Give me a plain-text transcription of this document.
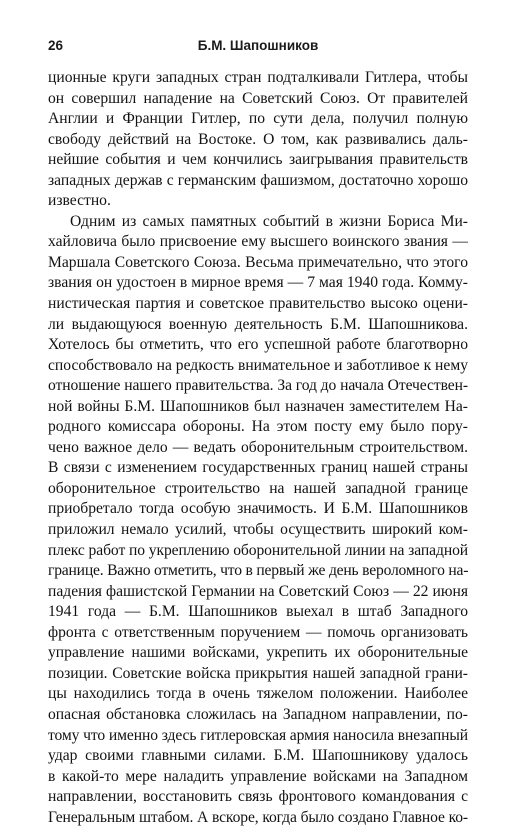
26	Б.М. Шапошников
ционные круги западных стран подталкивали Гитлера, чтобы
он совершил нападение на Советский Союз. От правителей
Англии и Франции Гитлер, по сути дела, получил полную
свободу действий на Востоке. О том, как развивались даль-
нейшие события и чем кончились заигрывания правительств
западных держав с германским фашизмом, достаточно хорошо
известно.
Одним из самых памятных событий в жизни Бориса Ми-
хайловича было присвоение ему высшего воинского звания —
Маршала Советского Союза. Весьма примечательно, что этого
звания он удостоен в мирное время — 7 мая 1940 года. Комму-
нистическая партия и советское правительство высоко оцени-
ли выдающуюся военную деятельность Б.М. Шапошникова.
Хотелось бы отметить, что его успешной работе благотворно
способствовало на редкость внимательное и заботливое к нему
отношение нашего правительства. За год до начала Отечествен-
ной войны Б.М. Шапошников был назначен заместителем На-
родного комиссара обороны. На этом посту ему было пору-
чено важное дело — ведать оборонительным строительством.
В связи с изменением государственных границ нашей страны
оборонительное строительство на нашей западной границе
приобретало тогда особую значимость. И Б.М. Шапошников
приложил немало усилий, чтобы осуществить широкий ком-
плекс работ по укреплению оборонительной линии на западной
границе. Важно отметить, что в первый же день вероломного на-
падения фашистской Германии на Советский Союз — 22 июня
1941 года — Б.М. Шапошников выехал в штаб Западного
фронта с ответственным поручением — помочь организовать
управление нашими войсками, укрепить их оборонительные
позиции. Советские войска прикрытия нашей западной грани-
цы находились тогда в очень тяжелом положении. Наиболее
опасная обстановка сложилась на Западном направлении, по-
тому что именно здесь гитлеровская армия наносила внезапный
удар своими главными силами. Б.М. Шапошникову удалось
в какой-то мере наладить управление войсками на Западном
направлении, восстановить связь фронтового командования с
Генеральным штабом. А вскоре, когда было создано Главное ко-
